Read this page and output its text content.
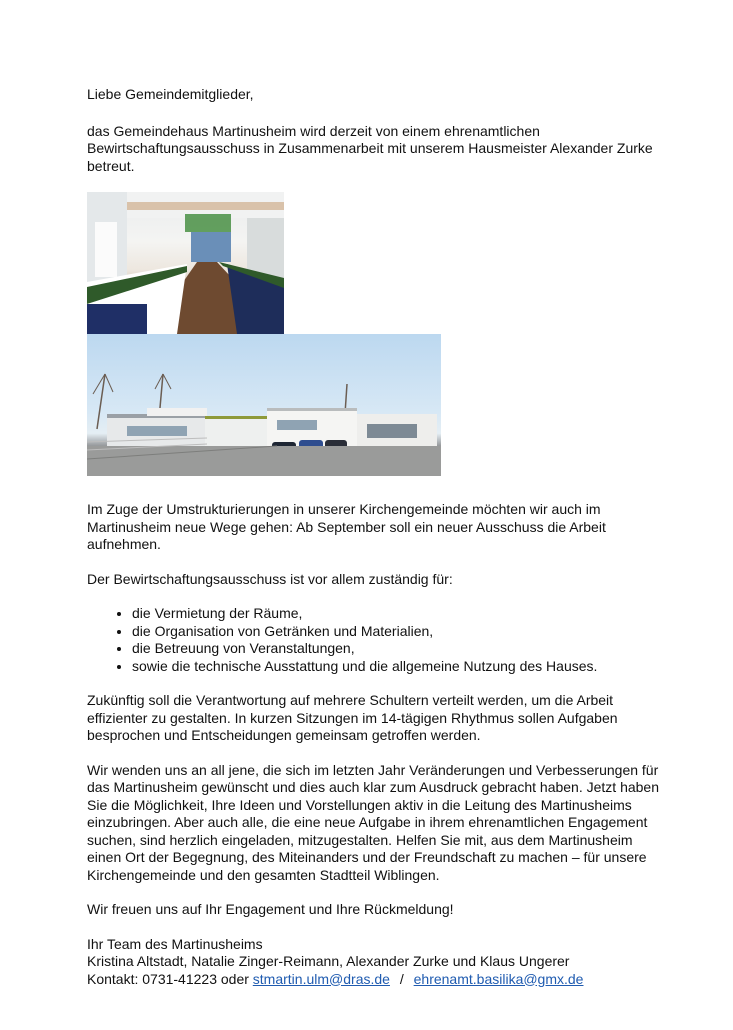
Liebe Gemeindemitglieder,

das Gemeindehaus Martinusheim wird derzeit von einem ehrenamtlichen Bewirtschaftungsausschuss in Zusammenarbeit mit unserem Hausmeister Alexander Zurke betreut.

Im Zuge der Umstrukturierungen in unserer Kirchengemeinde möchten wir auch im Martinusheim neue Wege gehen: Ab September soll ein neuer Ausschuss die Arbeit aufnehmen.

Der Bewirtschaftungsausschuss ist vor allem zuständig für:

• die Vermietung der Räume,
• die Organisation von Getränken und Materialien,
• die Betreuung von Veranstaltungen,
• sowie die technische Ausstattung und die allgemeine Nutzung des Hauses.

Zukünftig soll die Verantwortung auf mehrere Schultern verteilt werden, um die Arbeit effizienter zu gestalten. In kurzen Sitzungen im 14-tägigen Rhythmus sollen Aufgaben besprochen und Entscheidungen gemeinsam getroffen werden.

Wir wenden uns an all jene, die sich im letzten Jahr Veränderungen und Verbesserungen für das Martinusheim gewünscht und dies auch klar zum Ausdruck gebracht haben. Jetzt haben Sie die Möglichkeit, Ihre Ideen und Vorstellungen aktiv in die Leitung des Martinusheims einzubringen. Aber auch alle, die eine neue Aufgabe in ihrem ehrenamtlichen Engagement suchen, sind herzlich eingeladen, mitzugestalten. Helfen Sie mit, aus dem Martinusheim einen Ort der Begegnung, des Miteinanders und der Freundschaft zu machen – für unsere Kirchengemeinde und den gesamten Stadtteil Wiblingen.

Wir freuen uns auf Ihr Engagement und Ihre Rückmeldung!

Ihr Team des Martinusheims

Kristina Altstadt, Natalie Zinger-Reimann, Alexander Zurke und Klaus Ungerer

Kontakt: 0731-41223 oder stmartin.ulm@dras.de / ehrenamt.basilika@gmx.de
